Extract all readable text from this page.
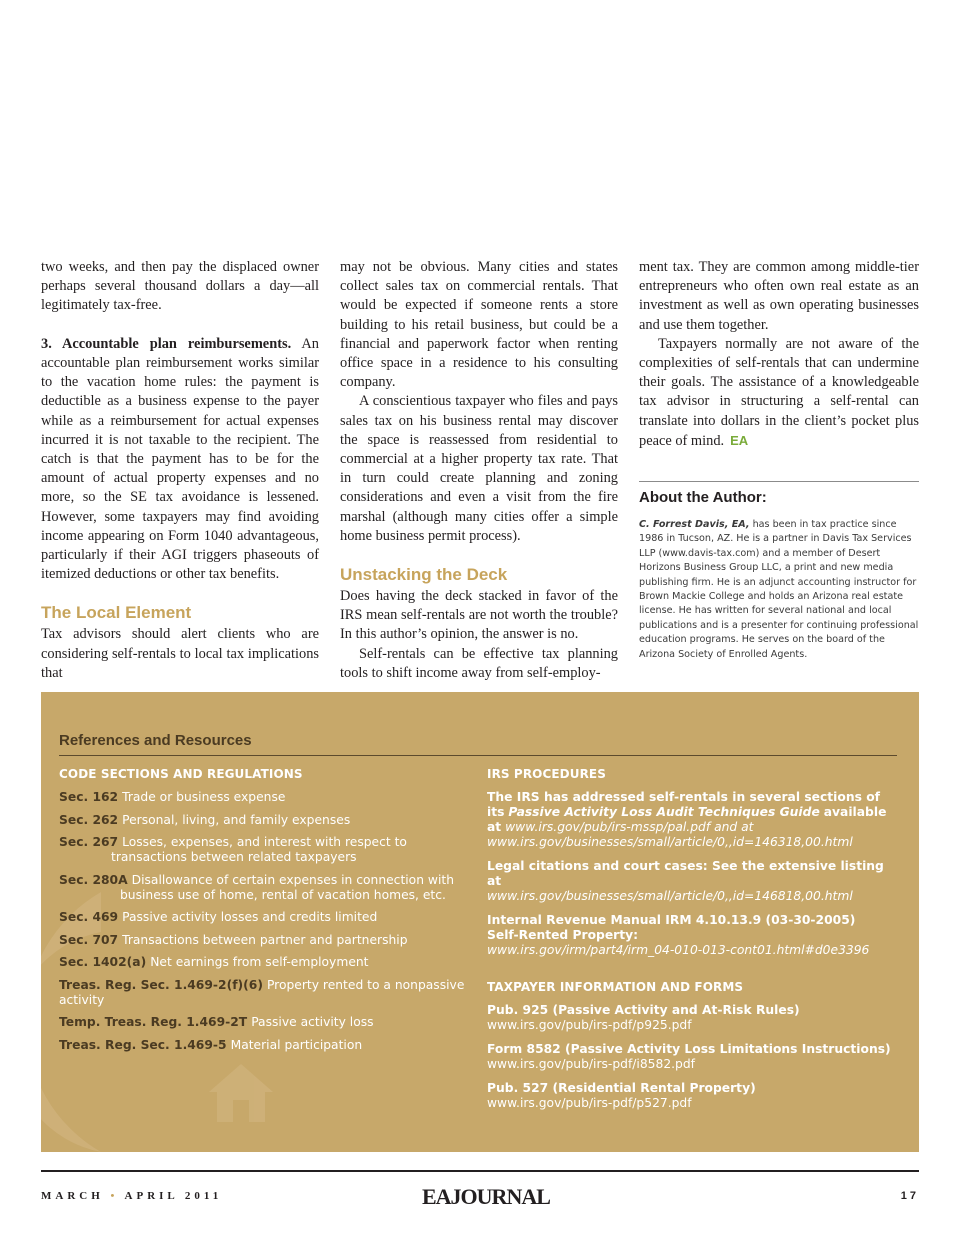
two weeks, and then pay the displaced owner perhaps several thousand dollars a day—all legitimately tax-free.

3. Accountable plan reimbursements. An accountable plan reimbursement works similar to the vacation home rules: the payment is deductible as a business expense to the payer while as a reimbursement for actual expenses incurred it is not taxable to the recipient. The catch is that the payment has to be for the amount of actual property expenses and no more, so the SE tax avoidance is lessened. However, some taxpayers may find avoiding income appearing on Form 1040 advantageous, particularly if their AGI triggers phaseouts of itemized deductions or other tax benefits.

The Local Element

Tax advisors should alert clients who are considering self-rentals to local tax implications that

may not be obvious. Many cities and states collect sales tax on commercial rentals. That would be expected if someone rents a store building to his retail business, but could be a financial and paperwork factor when renting office space in a residence to his consulting company.

A conscientious taxpayer who files and pays sales tax on his business rental may discover the space is reassessed from residential to commercial at a higher property tax rate. That in turn could create planning and zoning considerations and even a visit from the fire marshal (although many cities offer a simple home business permit process).

Unstacking the Deck

Does having the deck stacked in favor of the IRS mean self-rentals are not worth the trouble? In this author’s opinion, the answer is no.

Self-rentals can be effective tax planning tools to shift income away from self-employ-

ment tax. They are common among middle-tier entrepreneurs who often own real estate as an investment as well as own operating businesses and use them together.

Taxpayers normally are not aware of the complexities of self-rentals that can undermine their goals. The assistance of a knowledgeable tax advisor in structuring a self-rental can translate into dollars in the client’s pocket plus peace of mind. EA

About the Author:
C. Forrest Davis, EA, has been in tax practice since 1986 in Tucson, AZ. He is a partner in Davis Tax Services LLP (www.davis-tax.com) and a member of Desert Horizons Business Group LLC, a print and new media publishing firm. He is an adjunct accounting instructor for Brown Mackie College and holds an Arizona real estate license. He has written for several national and local publications and is a presenter for continuing professional education programs. He serves on the board of the Arizona Society of Enrolled Agents.
References and Resources
CODE SECTIONS AND REGULATIONS
Sec. 162 Trade or business expense
Sec. 262 Personal, living, and family expenses
Sec. 267 Losses, expenses, and interest with respect to transactions between related taxpayers
Sec. 280A Disallowance of certain expenses in connection with business use of home, rental of vacation homes, etc.
Sec. 469 Passive activity losses and credits limited
Sec. 707 Transactions between partner and partnership
Sec. 1402(a) Net earnings from self-employment
Treas. Reg. Sec. 1.469-2(f)(6) Property rented to a nonpassive activity
Temp. Treas. Reg. 1.469-2T Passive activity loss
Treas. Reg. Sec. 1.469-5 Material participation
IRS PROCEDURES
The IRS has addressed self-rentals in several sections of its Passive Activity Loss Audit Techniques Guide available at www.irs.gov/pub/irs-mssp/pal.pdf and at www.irs.gov/businesses/small/article/0,,id=146318,00.html
Legal citations and court cases: See the extensive listing at
www.irs.gov/businesses/small/article/0,,id=146818,00.html
Internal Revenue Manual IRM 4.10.13.9 (03-30-2005)
Self-Rented Property:
www.irs.gov/irm/part4/irm_04-010-013-cont01.html#d0e3396
TAXPAYER INFORMATION AND FORMS
Pub. 925 (Passive Activity and At-Risk Rules)
www.irs.gov/pub/irs-pdf/p925.pdf
Form 8582 (Passive Activity Loss Limitations Instructions)
www.irs.gov/pub/irs-pdf/i8582.pdf
Pub. 527 (Residential Rental Property)
www.irs.gov/pub/irs-pdf/p527.pdf
MARCH • APRIL 2011	EAJOURNAL	17
